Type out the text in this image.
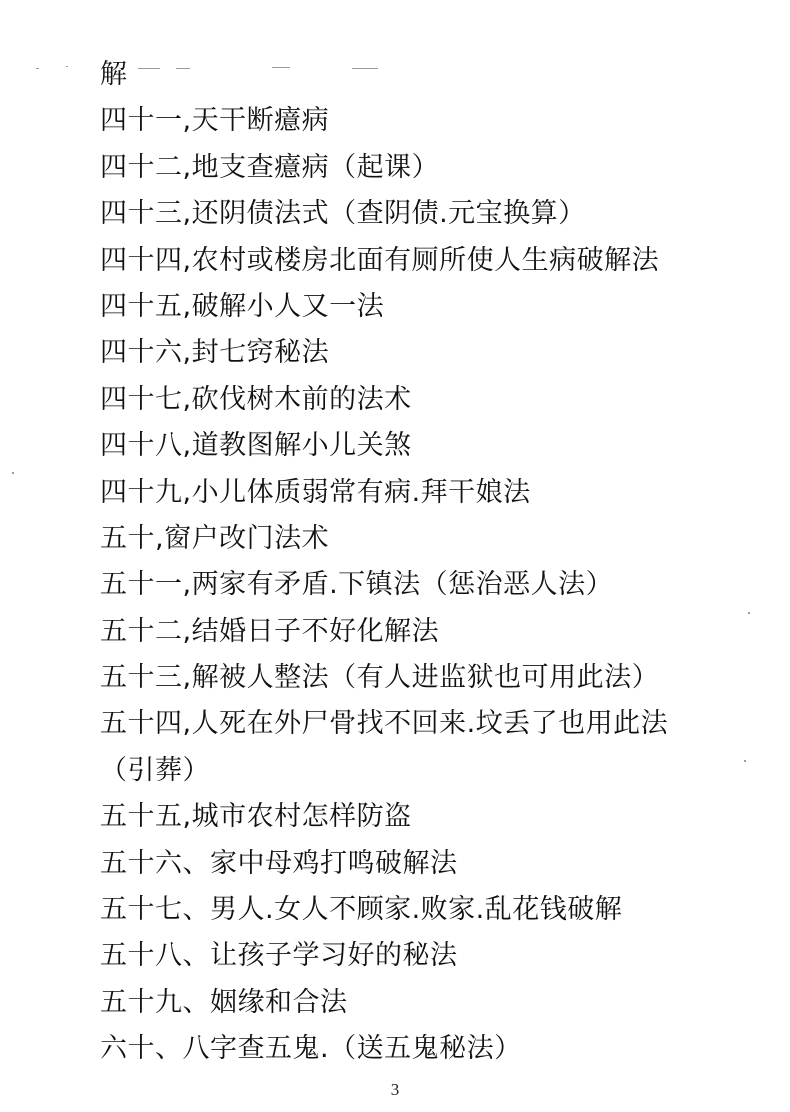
解
四十一,天干断癔病
四十二,地支查癔病（起课）
四十三,还阴债法式（查阴债.元宝换算）
四十四,农村或楼房北面有厕所使人生病破解法
四十五,破解小人又一法
四十六,封七窍秘法
四十七,砍伐树木前的法术
四十八,道教图解小儿关煞
四十九,小儿体质弱常有病.拜干娘法
五十,窗户改门法术
五十一,两家有矛盾.下镇法（惩治恶人法）
五十二,结婚日子不好化解法
五十三,解被人整法（有人进监狱也可用此法）
五十四,人死在外尸骨找不回来.坟丢了也用此法
（引葬）
五十五,城市农村怎样防盗
五十六、家中母鸡打鸣破解法
五十七、男人.女人不顾家.败家.乱花钱破解
五十八、让孩子学习好的秘法
五十九、姻缘和合法
六十、八字查五鬼.（送五鬼秘法）
3
